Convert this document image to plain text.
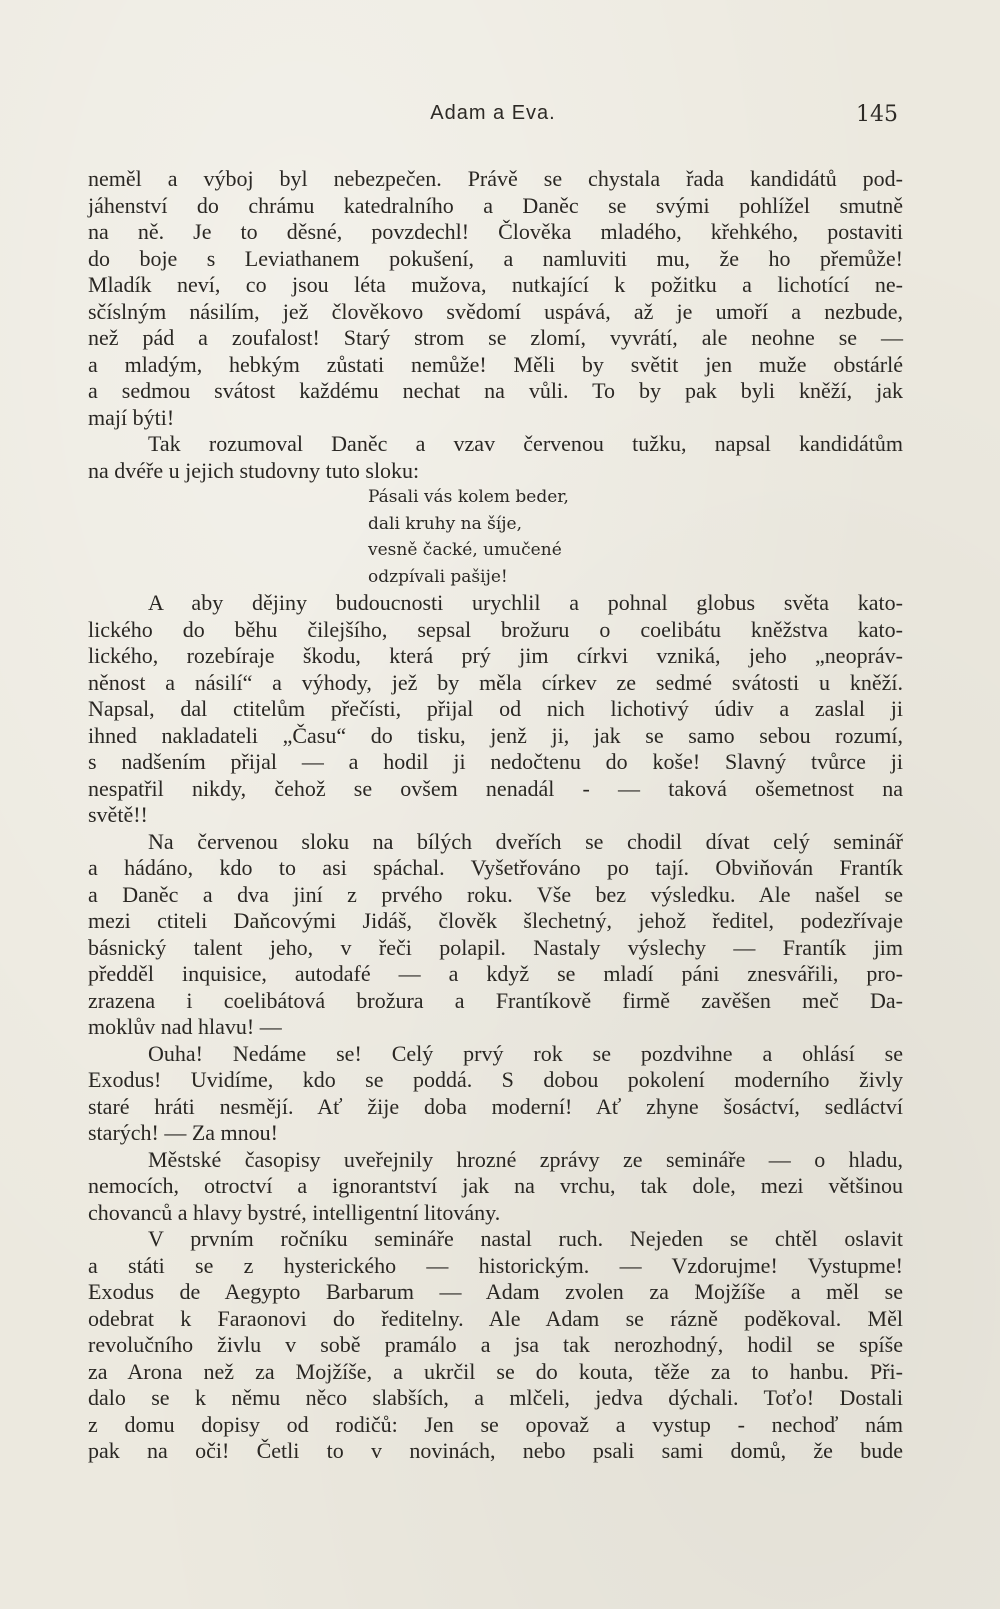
Adam a Eva.	145
neměl a výboj byl nebezpečen. Právě se chystala řada kandidátů pod-
jáhenství do chrámu katedralního a Daněc se svými pohlížel smutně
na ně. Je to děsné, povzdechl! Člověka mladého, křehkého, postaviti
do boje s Leviathanem pokušení, a namluviti mu, že ho přemůže!
Mladík neví, co jsou léta mužova, nutkající k požitku a lichotící ne-
sčíslným násilím, jež člověkovo svědomí uspává, až je umoří a nezbude,
než pád a zoufalost! Starý strom se zlomí, vyvrátí, ale neohne se —
a mladým, hebkým zůstati nemůže! Měli by světit jen muže obstárlé
a sedmou svátost každému nechat na vůli. To by pak byli kněží, jak
mají býti!
Tak rozumoval Daněc a vzav červenou tužku, napsal kandidátům
na dvéře u jejich studovny tuto sloku:
Pásali vás kolem beder,
dali kruhy na šíje,
vesně čacké, umučené
odzpívali pašije!
A aby dějiny budoucnosti urychlil a pohnal globus světa kato-
lického do běhu čilejšího, sepsal brožuru o coelibátu kněžstva kato-
lického, rozebíraje škodu, která prý jim církvi vzniká, jeho „neopráv-
něnost a násilí“ a výhody, jež by měla církev ze sedmé svátosti u kněží.
Napsal, dal ctitelům přečísti, přijal od nich lichotivý údiv a zaslal ji
ihned nakladateli „Času“ do tisku, jenž ji, jak se samo sebou rozumí,
s nadšením přijal — a hodil ji nedočtenu do koše! Slavný tvůrce ji
nespatřil nikdy, čehož se ovšem nenadál - — taková ošemetnost na
světě!!
Na červenou sloku na bílých dveřích se chodil dívat celý seminář
a hádáno, kdo to asi spáchal. Vyšetřováno po tají. Obviňován Frantík
a Daněc a dva jiní z prvého roku. Vše bez výsledku. Ale našel se
mezi ctiteli Daňcovými Jidáš, člověk šlechetný, jehož ředitel, podezřívaje
básnický talent jeho, v řeči polapil. Nastaly výslechy — Frantík jim
předděl inquisice, autodafé — a když se mladí páni znesvářili, pro-
zrazena i coelibátová brožura a Frantíkově firmě zavěšen meč Da-
moklův nad hlavu! —
Ouha! Nedáme se! Celý prvý rok se pozdvihne a ohlásí se
Exodus! Uvidíme, kdo se poddá. S dobou pokolení moderního živly
staré hráti nesmějí. Ať žije doba moderní! Ať zhyne šosáctví, sedláctví
starých! — Za mnou!
Městské časopisy uveřejnily hrozné zprávy ze semináře — o hladu,
nemocích, otroctví a ignorantství jak na vrchu, tak dole, mezi většinou
chovanců a hlavy bystré, intelligentní litovány.
V prvním ročníku semináře nastal ruch. Nejeden se chtěl oslavit
a státi se z hysterického — historickým. — Vzdorujme! Vystupme!
Exodus de Aegypto Barbarum — Adam zvolen za Mojžíše a měl se
odebrat k Faraonovi do ředitelny. Ale Adam se rázně poděkoval. Měl
revolučního živlu v sobě pramálo a jsa tak nerozhodný, hodil se spíše
za Arona než za Mojžíše, a ukrčil se do kouta, těže za to hanbu. Při-
dalo se k němu něco slabších, a mlčeli, jedva dýchali. Toťo! Dostali
z domu dopisy od rodičů: Jen se opovaž a vystup - nechoď nám
pak na oči! Četli to v novinách, nebo psali sami domů, že bude
